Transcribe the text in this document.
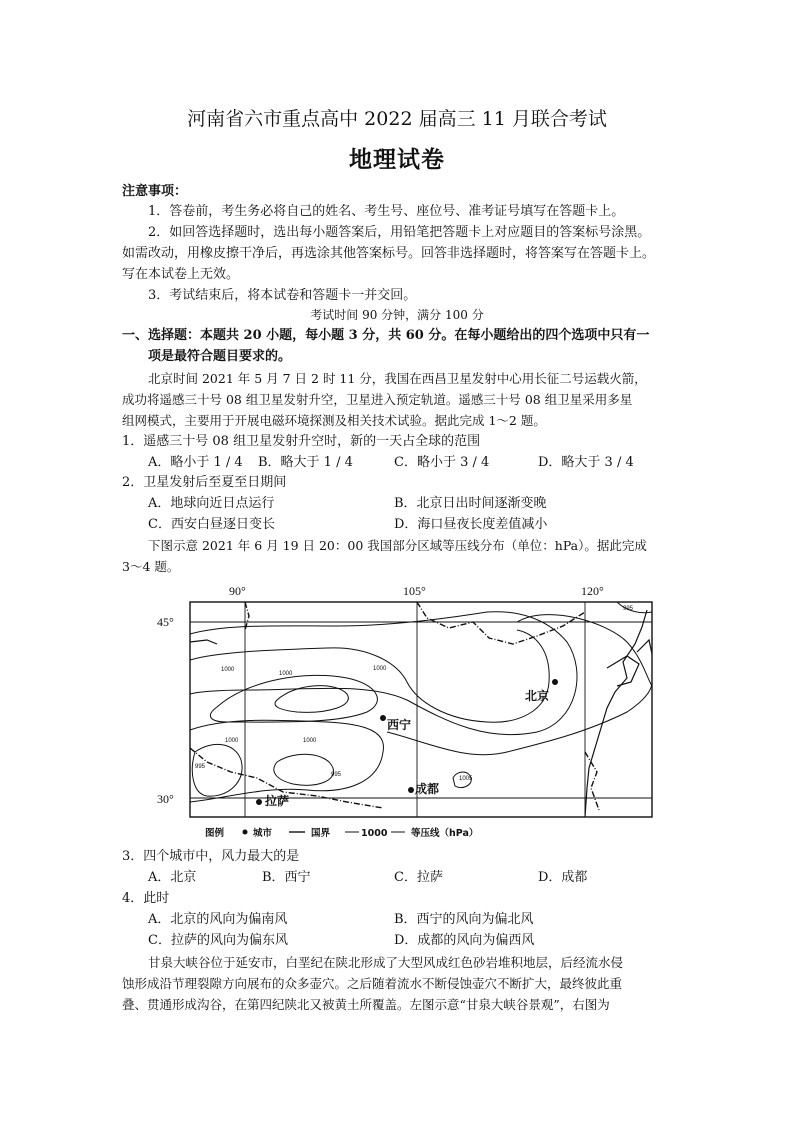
河南省六市重点高中 2022 届高三 11 月联合考试
地理试卷
注意事项：
1．答卷前，考生务必将自己的姓名、考生号、座位号、准考证号填写在答题卡上。
2．如回答选择题时，选出每小题答案后，用铅笔把答题卡上对应题目的答案标号涂黑。
如需改动，用橡皮擦干净后，再选涂其他答案标号。回答非选择题时，将答案写在答题卡上。
写在本试卷上无效。
3．考试结束后，将本试卷和答题卡一并交回。
考试时间 90 分钟，满分 100 分
一、选择题：本题共 20 小题，每小题 3 分，共 60 分。在每小题给出的四个选项中只有一
项是最符合题目要求的。
北京时间 2021 年 5 月 7 日 2 时 11 分，我国在西昌卫星发射中心用长征二号运载火箭，
成功将遥感三十号 08 组卫星发射升空，卫星进入预定轨道。遥感三十号 08 组卫星采用多星
组网模式，主要用于开展电磁环境探测及相关技术试验。据此完成 1～2 题。
1．遥感三十号 08 组卫星发射升空时，新的一天占全球的范围
A．略小于 1 / 4 B．略大于 1 / 4	C．略小于 3 / 4	D．略大于 3 / 4
2．卫星发射后至夏至日期间
A．地球向近日点运行	B．北京日出时间逐渐变晚
C．西安白昼逐日变长	D．海口昼夜长度差值减小
下图示意 2021 年 6 月 19 日 20：00 我国部分区域等压线分布（单位：hPa）。据此完成
3～4 题。
90°	105°	120°
45°
30°
1000
1000
1000
1000	1000
995
995
995
1005
北京
西宁
拉萨
成都
图例	城市	国界	1000 等压线（hPa）
3．四个城市中，风力最大的是
A．北京	B．西宁	C．拉萨	D．成都
4．此时
A．北京的风向为偏南风	B．西宁的风向为偏北风
C．拉萨的风向为偏东风	D．成都的风向为偏西风
甘泉大峡谷位于延安市，白垩纪在陕北形成了大型风成红色砂岩堆积地层，后经流水侵
蚀形成沿节理裂隙方向展布的众多壶穴。之后随着流水不断侵蚀壶穴不断扩大，最终彼此重
叠、贯通形成沟谷，在第四纪陕北又被黄土所覆盖。左图示意“甘泉大峡谷景观”，右图为
